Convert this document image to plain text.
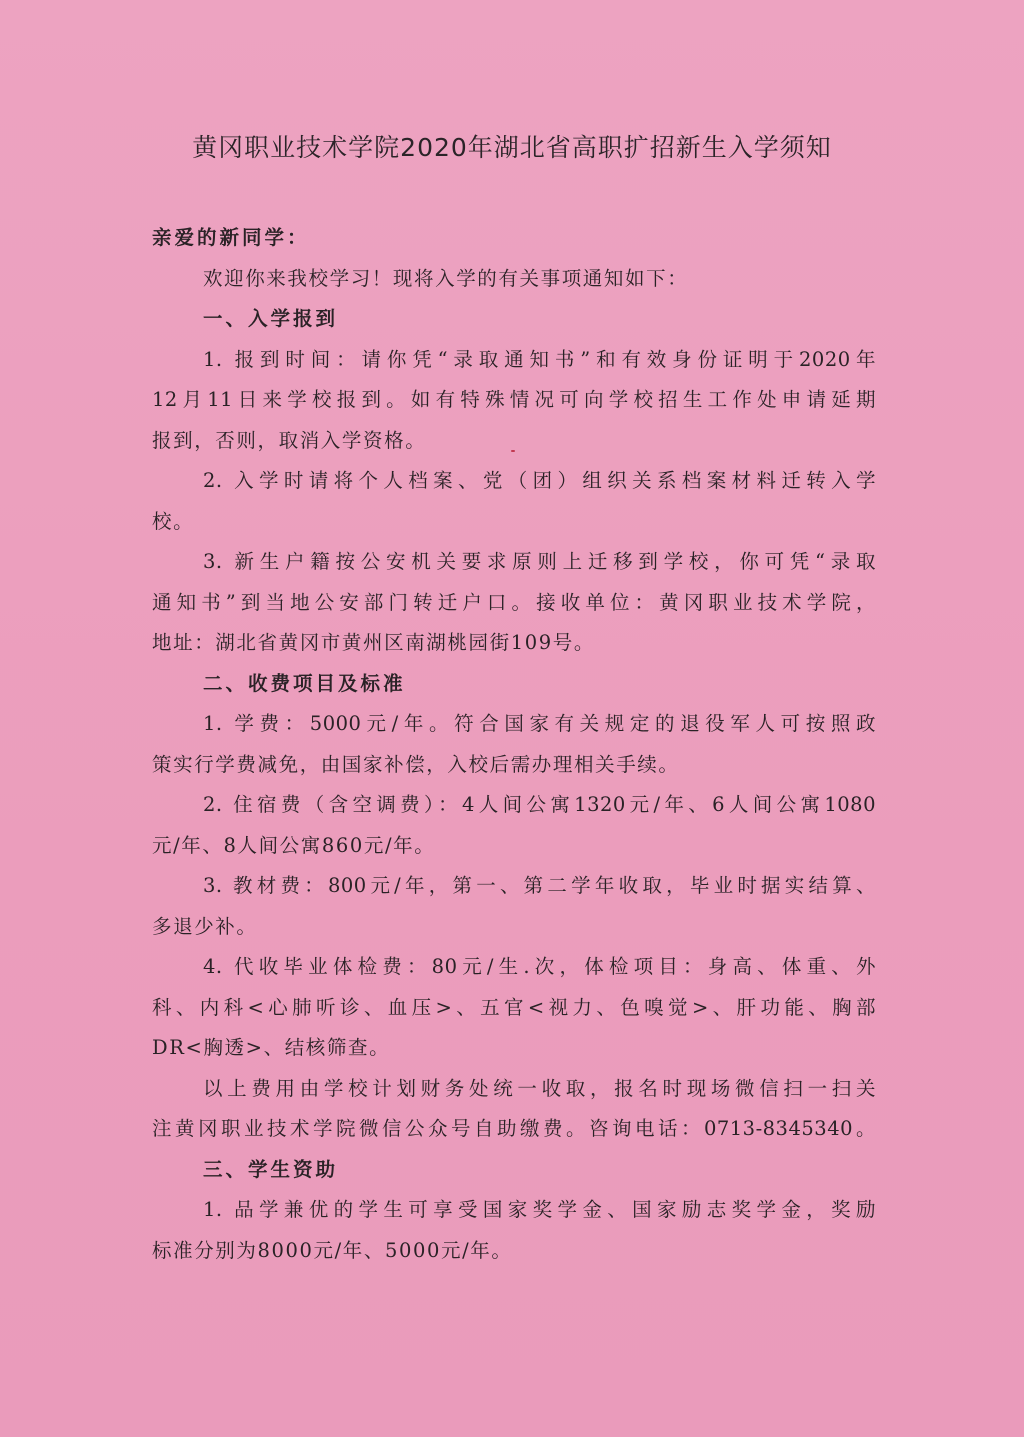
黄冈职业技术学院2020年湖北省高职扩招新生入学须知
亲爱的新同学：
欢迎你来我校学习！现将入学的有关事项通知如下：
一、入学报到
1. 报到时间：请你凭“录取通知书”和有效身份证明于2020年
12月11日来学校报到。如有特殊情况可向学校招生工作处申请延期
报到，否则，取消入学资格。
2. 入学时请将个人档案、党（团）组织关系档案材料迁转入学
校。
3. 新生户籍按公安机关要求原则上迁移到学校，你可凭“录取
通知书”到当地公安部门转迁户口。接收单位：黄冈职业技术学院，
地址：湖北省黄冈市黄州区南湖桃园街109号。
二、收费项目及标准
1. 学费：5000元/年。符合国家有关规定的退役军人可按照政
策实行学费减免，由国家补偿，入校后需办理相关手续。
2. 住宿费（含空调费）：4人间公寓1320元/年、6人间公寓1080
元/年、8人间公寓860元/年。
3. 教材费：800元/年，第一、第二学年收取，毕业时据实结算、
多退少补。
4. 代收毕业体检费：80元/生.次，体检项目：身高、体重、外
科、内科<心肺听诊、血压>、五官<视力、色嗅觉>、肝功能、胸部
DR<胸透>、结核筛查。
以上费用由学校计划财务处统一收取，报名时现场微信扫一扫关
注黄冈职业技术学院微信公众号自助缴费。咨询电话：0713-8345340。
三、学生资助
1. 品学兼优的学生可享受国家奖学金、国家励志奖学金，奖励
标准分别为8000元/年、5000元/年。
